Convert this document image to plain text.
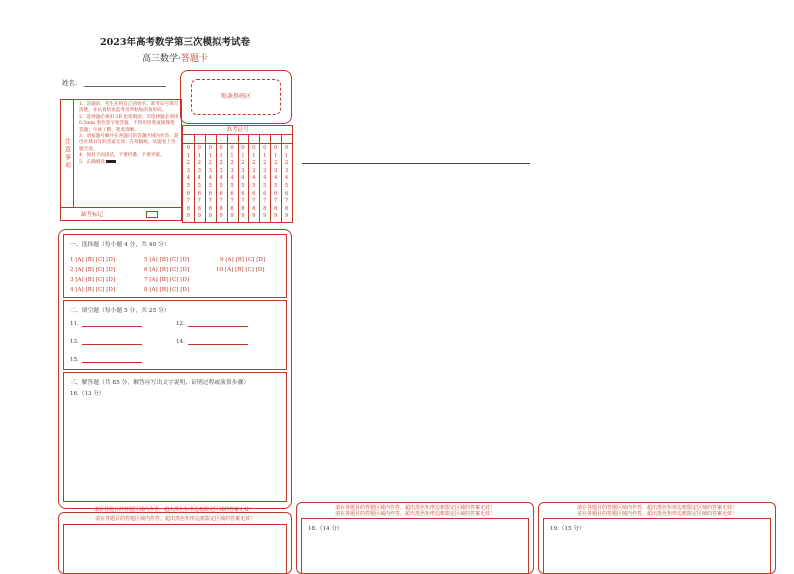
2023年高考数学第三次模拟考试卷
高三数学·答题卡
姓名：
贴条形码区
注意事项
1．答题前，考生先将自己的姓名、准考证号填写清楚，并认真检查监考员所粘贴的条形码。
2．选择题必须用 2B 铅笔填涂；非选择题必须用 0.5mm 黑色签字笔答题，不得用铅笔或圆珠笔答题；字体工整、笔迹清晰。
3．请按题号顺序在各题目的答题区域内作答，超出区域书写的答案无效；在草稿纸、试题卷上答题无效。
4．保持卡面清洁，不要折叠、不要弄破。
5．正确填涂
缺考标记
准考证号
0
1
2
3
4
5
6
7
8
9
0
1
2
3
4
5
6
7
8
9
0
1
2
3
4
5
6
7
8
9
0
1
2
3
4
5
6
7
8
9
0
1
2
3
4
5
6
7
8
9
0
1
2
3
4
5
6
7
8
9
0
1
2
3
4
5
6
7
8
9
0
1
2
3
4
5
6
7
8
9
0
1
2
3
4
5
6
7
8
9
0
1
2
3
4
5
6
7
8
9
一、选择题（每小题 4 分，共 40 分）
1 [A] [B] [C] [D]
2 [A] [B] [C] [D]
3 [A] [B] [C] [D]
4 [A] [B] [C] [D]
5 [A] [B] [C] [D]
6 [A] [B] [C] [D]
7 [A] [B] [C] [D]
8 [A] [B] [C] [D]
9 [A] [B] [C] [D]
10 [A] [B] [C] [D]
二、填空题（每小题 5 分，共 25 分）
11.	12.
13.	14.
15.
三、解答题（共 85 分，解答应写出文字说明、证明过程或演算步骤）
16.（13 分）
请在各题目的答题区域内作答，超出黑色矩形边框限定区域的答案无效！
请在各题目的答题区域内作答，超出黑色矩形边框限定区域的答案无效！
请在各题目的答题区域内作答，超出黑色矩形边框限定区域的答案无效！
请在各题目的答题区域内作答，超出黑色矩形边框限定区域的答案无效！
18.（14 分）
请在各题目的答题区域内作答，超出黑色矩形边框限定区域的答案无效！
请在各题目的答题区域内作答，超出黑色矩形边框限定区域的答案无效！
19.（15 分）
